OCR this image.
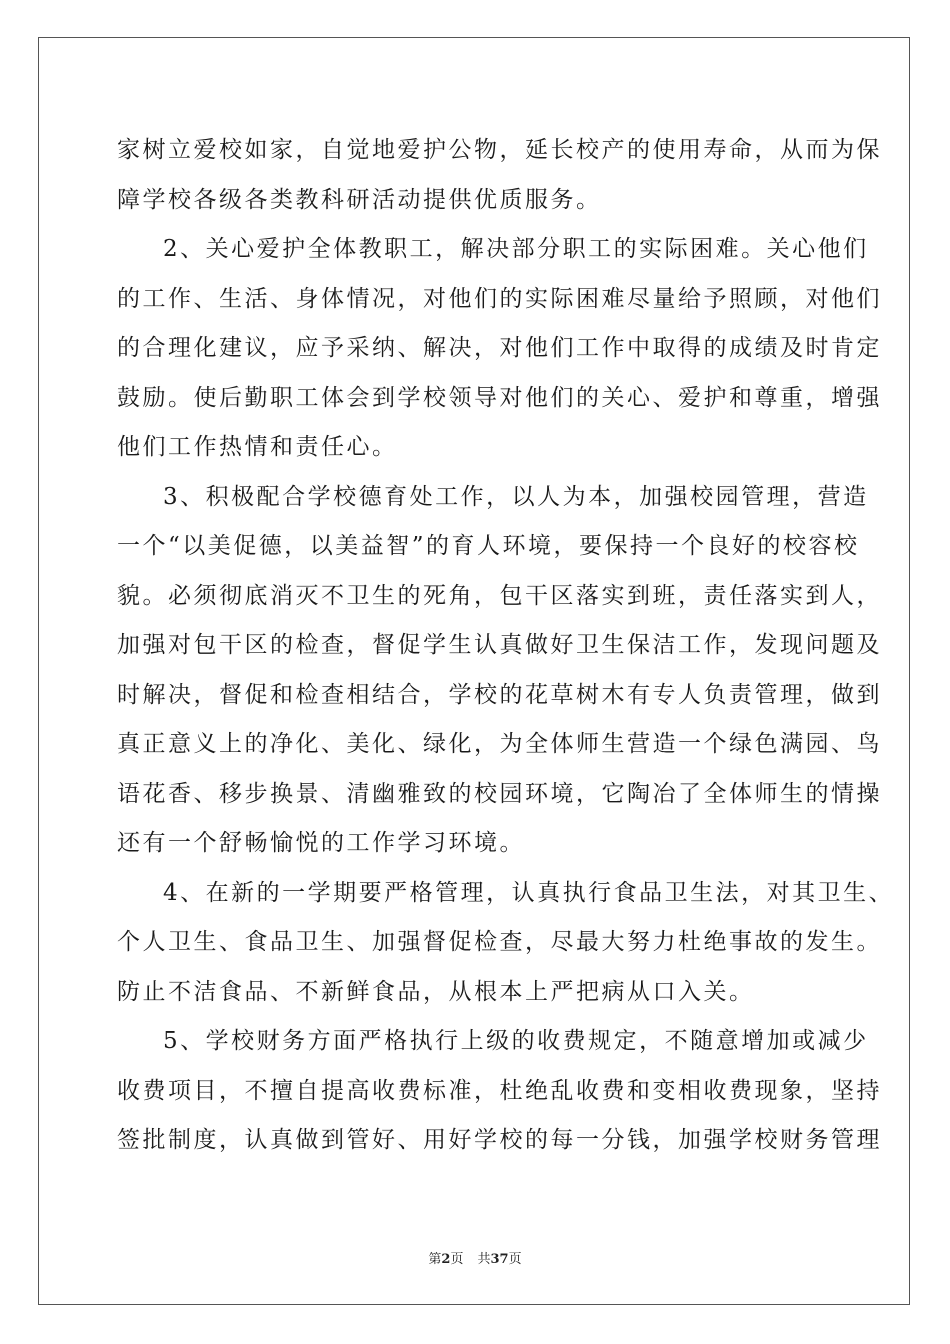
家树立爱校如家，自觉地爱护公物，延长校产的使用寿命，从而为保
障学校各级各类教科研活动提供优质服务。
2、关心爱护全体教职工，解决部分职工的实际困难。关心他们
的工作、生活、身体情况，对他们的实际困难尽量给予照顾，对他们
的合理化建议，应予采纳、解决，对他们工作中取得的成绩及时肯定
鼓励。使后勤职工体会到学校领导对他们的关心、爱护和尊重，增强
他们工作热情和责任心。
3、积极配合学校德育处工作，以人为本，加强校园管理，营造
一个“以美促德，以美益智”的育人环境，要保持一个良好的校容校
貌。必须彻底消灭不卫生的死角，包干区落实到班，责任落实到人，
加强对包干区的检查，督促学生认真做好卫生保洁工作，发现问题及
时解决，督促和检查相结合，学校的花草树木有专人负责管理，做到
真正意义上的净化、美化、绿化，为全体师生营造一个绿色满园、鸟
语花香、移步换景、清幽雅致的校园环境，它陶冶了全体师生的情操
还有一个舒畅愉悦的工作学习环境。
4、在新的一学期要严格管理，认真执行食品卫生法，对其卫生、
个人卫生、食品卫生、加强督促检查，尽最大努力杜绝事故的发生。
防止不洁食品、不新鲜食品，从根本上严把病从口入关。
5、学校财务方面严格执行上级的收费规定，不随意增加或减少
收费项目，不擅自提高收费标准，杜绝乱收费和变相收费现象，坚持
签批制度，认真做到管好、用好学校的每一分钱，加强学校财务管理
第2页 共37页
